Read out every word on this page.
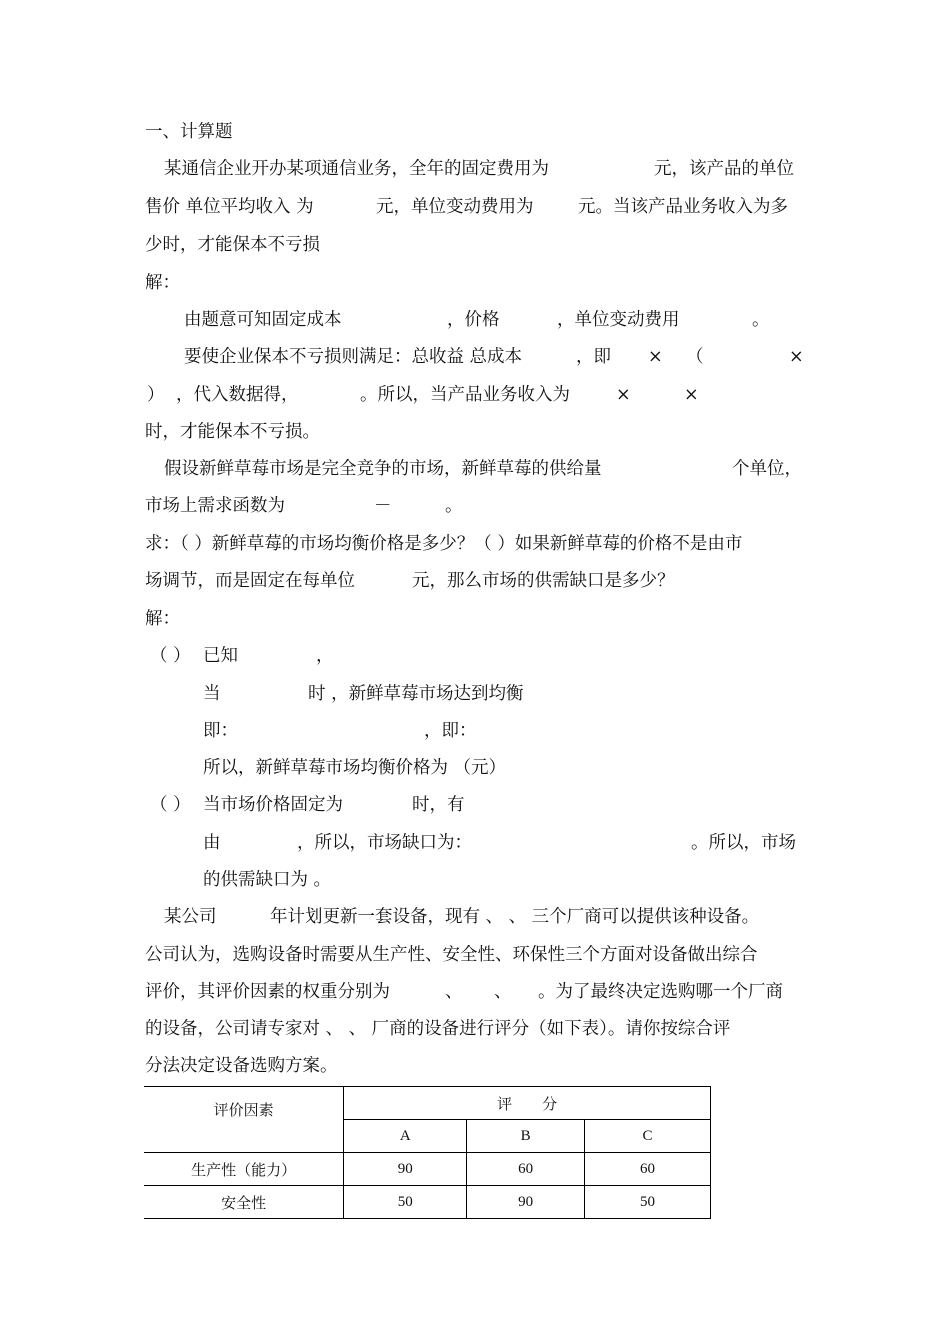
一、计算题
某通信企业开办某项通信业务，全年的固定费用为	元，该产品的单位
售价 单位平均收入 为	元，单位变动费用为	元。当该产品业务收入为多
少时，才能保本不亏损
解：
由题意可知固定成本	，价格	，单位变动费用	。
要使企业保本不亏损则满足：总收益 总成本	，即 × （	×
） ，代入数据得，	。所以，当产品业务收入为	×	×
时，才能保本不亏损。
假设新鲜草莓市场是完全竞争的市场，新鲜草莓的供给量	个单位，
市场上需求函数为	－	。
求：（ ）新鲜草莓的市场均衡价格是多少？（ ）如果新鲜草莓的价格不是由市
场调节，而是固定在每单位	元，那么市场的供需缺口是多少？
解：
（ ） 已知	，
当	时 ，新鲜草莓市场达到均衡
即：	，即：
所以，新鲜草莓市场均衡价格为 （元）
（ ） 当市场价格固定为	时，有
由	，所以，市场缺口为：	。所以，市场
的供需缺口为 。
某公司	年计划更新一套设备，现有 、 、 三个厂商可以提供该种设备。
公司认为，选购设备时需要从生产性、安全性、环保性三个方面对设备做出综合
评价，其评价因素的权重分别为	、 、 。为了最终决定选购哪一个厂商
的设备，公司请专家对 、 、 厂商的设备进行评分（如下表）。请你按综合评
分法决定设备选购方案。
评价因素	评　　分		
	A	B	C
生产性（能力）	90	60	60
安全性	50	90	50
